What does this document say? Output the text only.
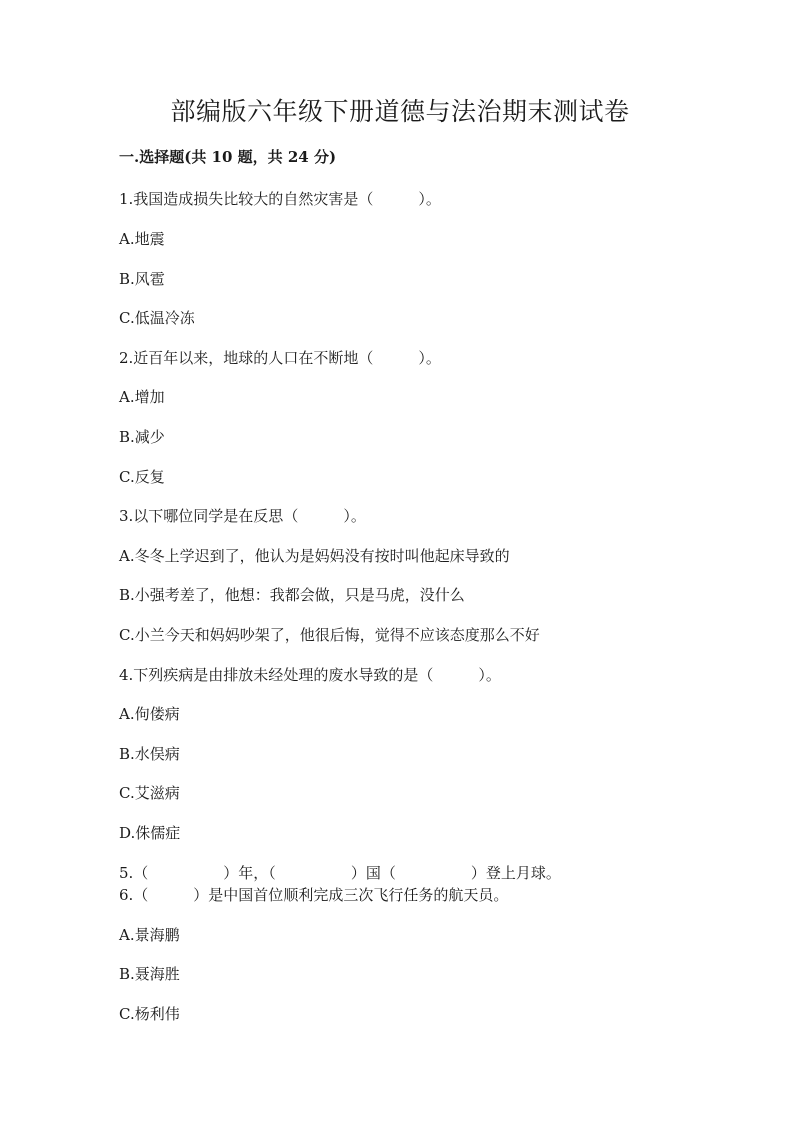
部编版六年级下册道德与法治期末测试卷
一.选择题(共 10 题，共 24 分)
1.我国造成损失比较大的自然灾害是（　　　）。
A.地震
B.风雹
C.低温冷冻
2.近百年以来，地球的人口在不断地（　　　）。
A.增加
B.减少
C.反复
3.以下哪位同学是在反思（　　　）。
A.冬冬上学迟到了，他认为是妈妈没有按时叫他起床导致的
B.小强考差了，他想：我都会做，只是马虎，没什么
C.小兰今天和妈妈吵架了，他很后悔，觉得不应该态度那么不好
4.下列疾病是由排放未经处理的废水导致的是（　　　）。
A.佝偻病
B.水俣病
C.艾滋病
D.侏儒症
5.（　　　　　）年，（　　　　　）国（　　　　　）登上月球。
6.（　　　）是中国首位顺利完成三次飞行任务的航天员。
A.景海鹏
B.聂海胜
C.杨利伟
